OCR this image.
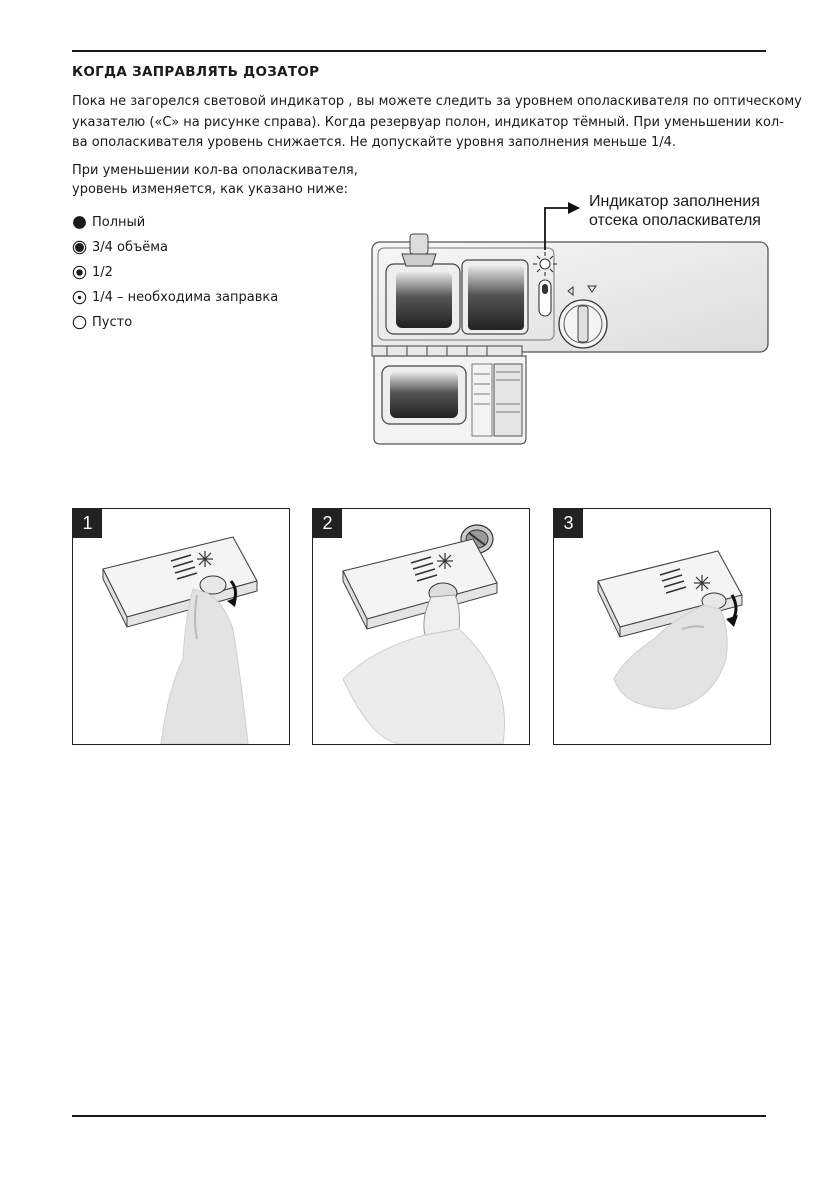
КОГДА ЗАПРАВЛЯТЬ ДОЗАТОР
Пока не загорелся световой индикатор , вы можете следить за уровнем ополаскивателя по оптическому
указателю («C» на рисунке справа). Когда резервуар полон, индикатор тёмный. При уменьшении кол-
ва ополаскивателя уровень снижается. Не допускайте уровня заполнения меньше 1/4.
При уменьшении кол-ва ополаскивателя,
уровень изменяется, как указано ниже:
Полный
3/4 объёма
1/2
1/4 – необходима заправка
Пусто
Индикатор заполнения
отсека ополаскивателя
1	2	3
